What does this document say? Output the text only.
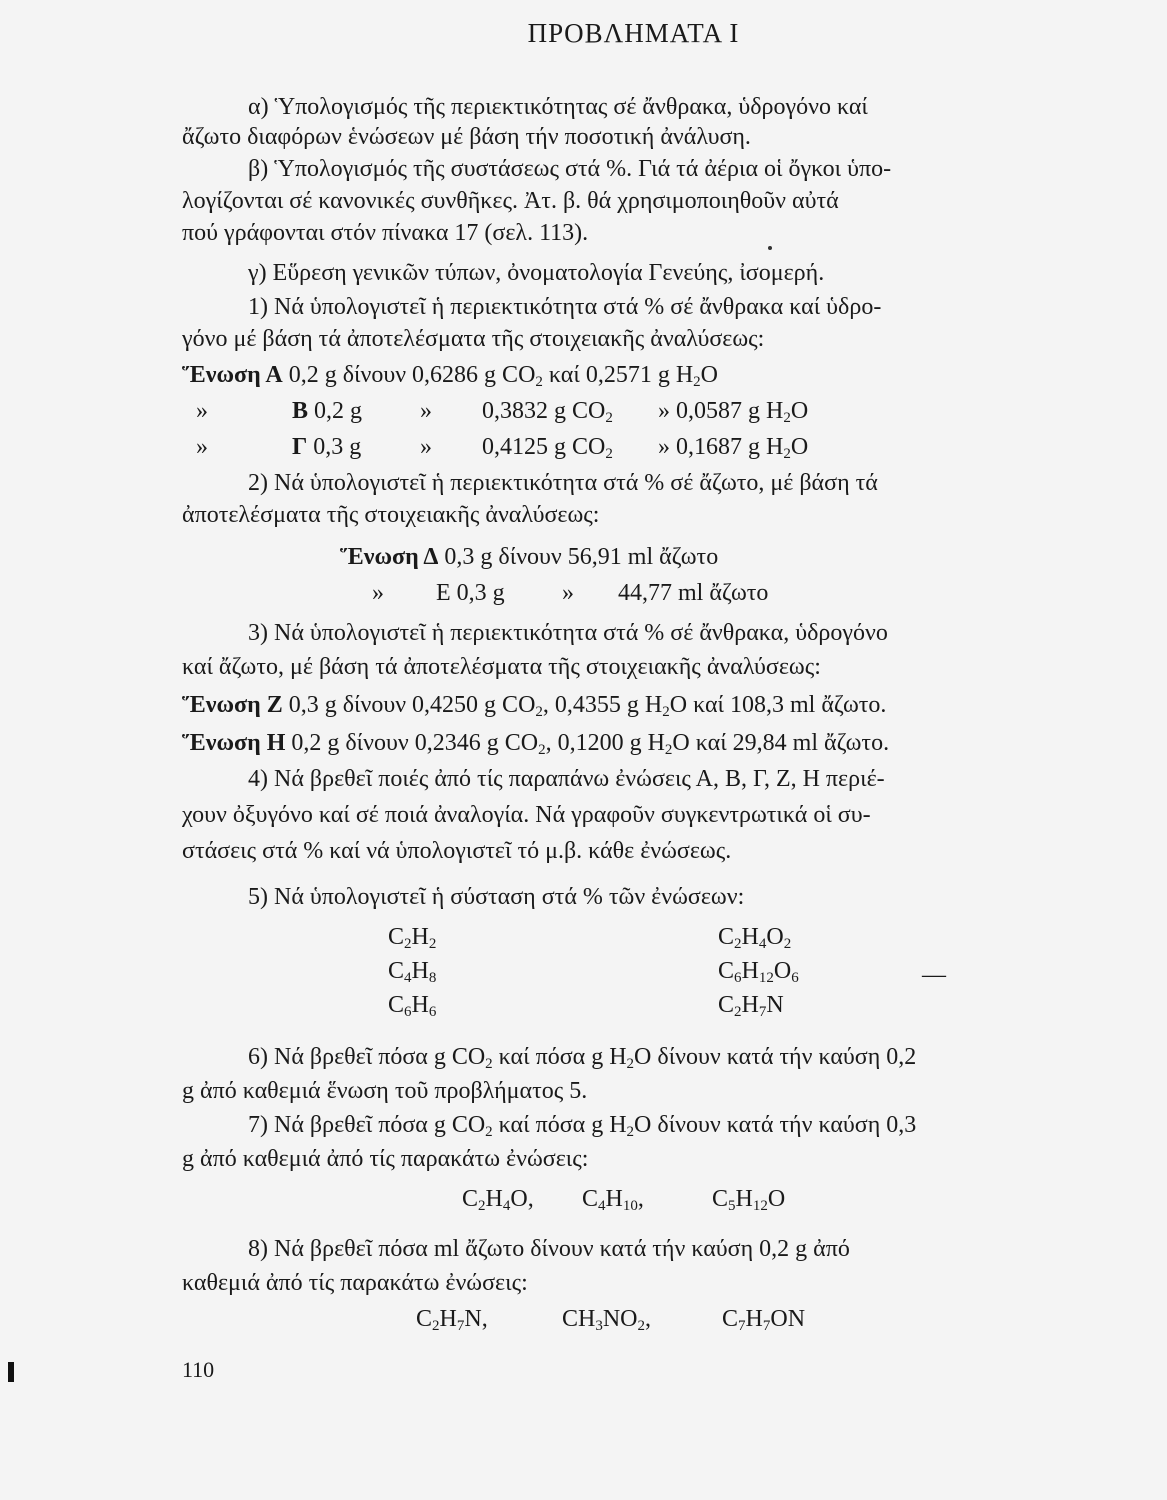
ΠΡΟΒΛΗΜΑΤΑ Ι
α) Ὑπολογισμός τῆς περιεκτικότητας σέ ἄνθρακα, ὑδρογόνο καί
ἄζωτο διαφόρων ἑνώσεων μέ βάση τήν ποσοτική ἀνάλυση.
β) Ὑπολογισμός τῆς συστάσεως στά %. Γιά τά ἀέρια οἱ ὄγκοι ὑπο-
λογίζονται σέ κανονικές συνθῆκες. Ἀτ. β. θά χρησιμοποιηθοῦν αὐτά
πού γράφονται στόν πίνακα 17 (σελ. 113).
γ) Εὕρεση γενικῶν τύπων, ὀνοματολογία Γενεύης, ἰσομερή.
1) Νά ὑπολογιστεῖ ἡ περιεκτικότητα στά % σέ ἄνθρακα καί ὑδρο-
γόνο μέ βάση τά ἀποτελέσματα τῆς στοιχειακῆς ἀναλύσεως:
Ἕνωση Α 0,2 g δίνουν 0,6286 g $CO_2$ καί 0,2571 g $H_2O$
»	Β 0,2 g » 0,3832 g $CO_2$ » 0,0587 g $H_2O$
»	Γ 0,3 g » 0,4125 g $CO_2$ » 0,1687 g $H_2O$
2) Νά ὑπολογιστεῖ ἡ περιεκτικότητα στά % σέ ἄζωτο, μέ βάση τά
ἀποτελέσματα τῆς στοιχειακῆς ἀναλύσεως:
Ἕνωση Δ 0,3 g δίνουν 56,91 ml ἄζωτο
» Ε 0,3 g » 44,77 ml ἄζωτο
3) Νά ὑπολογιστεῖ ἡ περιεκτικότητα στά % σέ ἄνθρακα, ὑδρογόνο
καί ἄζωτο, μέ βάση τά ἀποτελέσματα τῆς στοιχειακῆς ἀναλύσεως:
Ἕνωση Ζ 0,3 g δίνουν 0,4250 g $CO_2$, 0,4355 g $H_2O$ καί 108,3 ml ἄζωτο.
Ἕνωση Η 0,2 g δίνουν 0,2346 g $CO_2$, 0,1200 g $H_2O$ καί 29,84 ml ἄζωτο.
4) Νά βρεθεῖ ποιές ἀπό τίς παραπάνω ἐνώσεις Α, Β, Γ, Ζ, Η περιέ-
χουν ὀξυγόνο καί σέ ποιά ἀναλογία. Νά γραφοῦν συγκεντρωτικά οἱ συ-
στάσεις στά % καί νά ὑπολογιστεῖ τό μ.β. κάθε ἐνώσεως.
5) Νά ὑπολογιστεῖ ἡ σύσταση στά % τῶν ἐνώσεων:
$C_2H_2$	$C_2H_4O_2$
$C_4H_8$	$C_6H_{12}O_6$	—
$C_6H_6$	$C_2H_7N$
6) Νά βρεθεῖ πόσα g $CO_2$ καί πόσα g $H_2O$ δίνουν κατά τήν καύση 0,2
g ἀπό καθεμιά ἕνωση τοῦ προβλήματος 5.
7) Νά βρεθεῖ πόσα g $CO_2$ καί πόσα g $H_2O$ δίνουν κατά τήν καύση 0,3
g ἀπό καθεμιά ἀπό τίς παρακάτω ἐνώσεις:
$C_2H_4O$, $C_4H_{10}$,	$C_5H_{12}O$
8) Νά βρεθεῖ πόσα ml ἄζωτο δίνουν κατά τήν καύση 0,2 g ἀπό
καθεμιά ἀπό τίς παρακάτω ἐνώσεις:
$C_2H_7N$,	$CH_3NO_2$,	$C_7H_7ON$
110
